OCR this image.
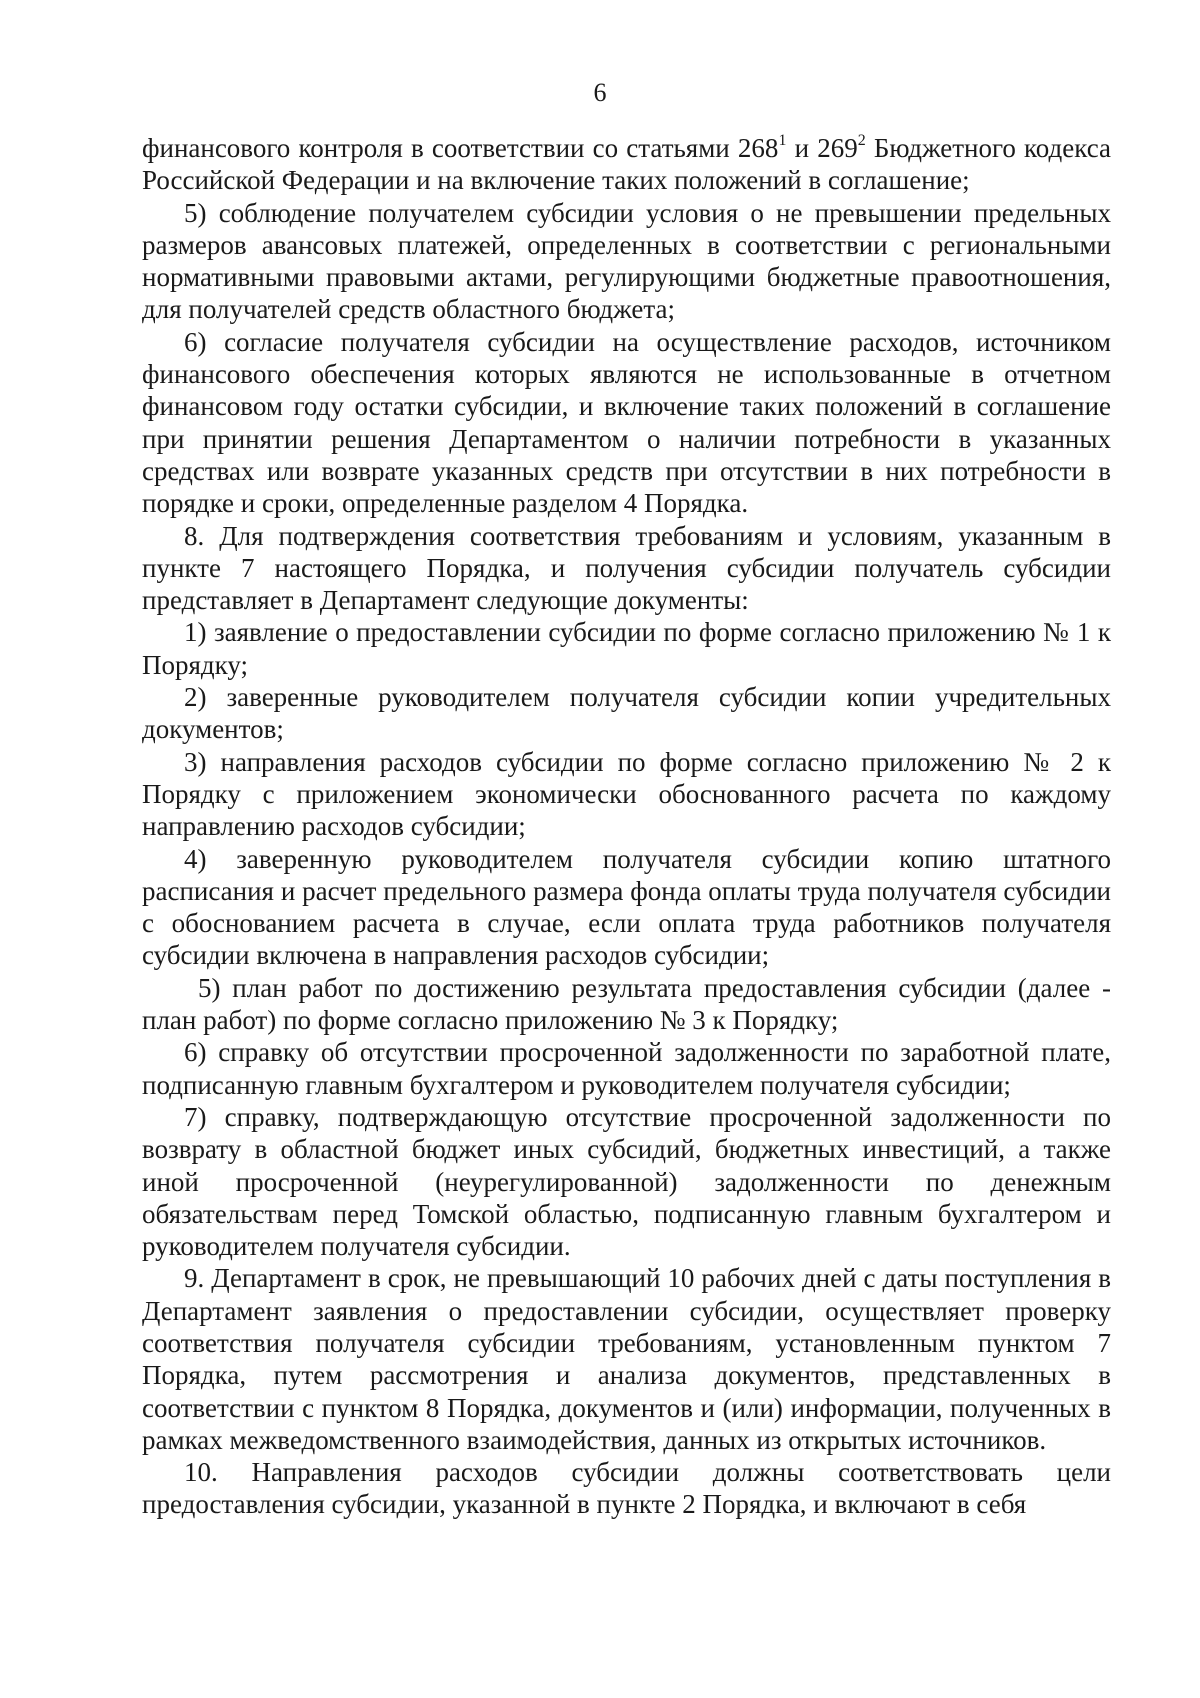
6

финансового контроля в соответствии со статьями $268^1$ и $269^2$ Бюджетного кодекса Российской Федерации и на включение таких положений в соглашение;

5) соблюдение получателем субсидии условия о не превышении предельных размеров авансовых платежей, определенных в соответствии с региональными нормативными правовыми актами, регулирующими бюджетные правоотношения, для получателей средств областного бюджета;

6) согласие получателя субсидии на осуществление расходов, источником финансового обеспечения которых являются не использованные в отчетном финансовом году остатки субсидии, и включение таких положений в соглашение при принятии решения Департаментом о наличии потребности в указанных средствах или возврате указанных средств при отсутствии в них потребности в порядке и сроки, определенные разделом 4 Порядка.

8. Для подтверждения соответствия требованиям и условиям, указанным в пункте 7 настоящего Порядка, и получения субсидии получатель субсидии представляет в Департамент следующие документы:

1) заявление о предоставлении субсидии по форме согласно приложению № 1 к Порядку;

2) заверенные руководителем получателя субсидии копии учредительных документов;

3) направления расходов субсидии по форме согласно приложению № 2 к Порядку с приложением экономически обоснованного расчета по каждому направлению расходов субсидии;

4) заверенную руководителем получателя субсидии копию штатного расписания и расчет предельного размера фонда оплаты труда получателя субсидии с обоснованием расчета в случае, если оплата труда работников получателя субсидии включена в направления расходов субсидии;

5) план работ по достижению результата предоставления субсидии (далее - план работ) по форме согласно приложению № 3 к Порядку;

6) справку об отсутствии просроченной задолженности по заработной плате, подписанную главным бухгалтером и руководителем получателя субсидии;

7) справку, подтверждающую отсутствие просроченной задолженности по возврату в областной бюджет иных субсидий, бюджетных инвестиций, а также иной просроченной (неурегулированной) задолженности по денежным обязательствам перед Томской областью, подписанную главным бухгалтером и руководителем получателя субсидии.

9. Департамент в срок, не превышающий 10 рабочих дней с даты поступления в Департамент заявления о предоставлении субсидии, осуществляет проверку соответствия получателя субсидии требованиям, установленным пунктом 7 Порядка, путем рассмотрения и анализа документов, представленных в соответствии с пунктом 8 Порядка, документов и (или) информации, полученных в рамках межведомственного взаимодействия, данных из открытых источников.

10. Направления расходов субсидии должны соответствовать цели предоставления субсидии, указанной в пункте 2 Порядка, и включают в себя
